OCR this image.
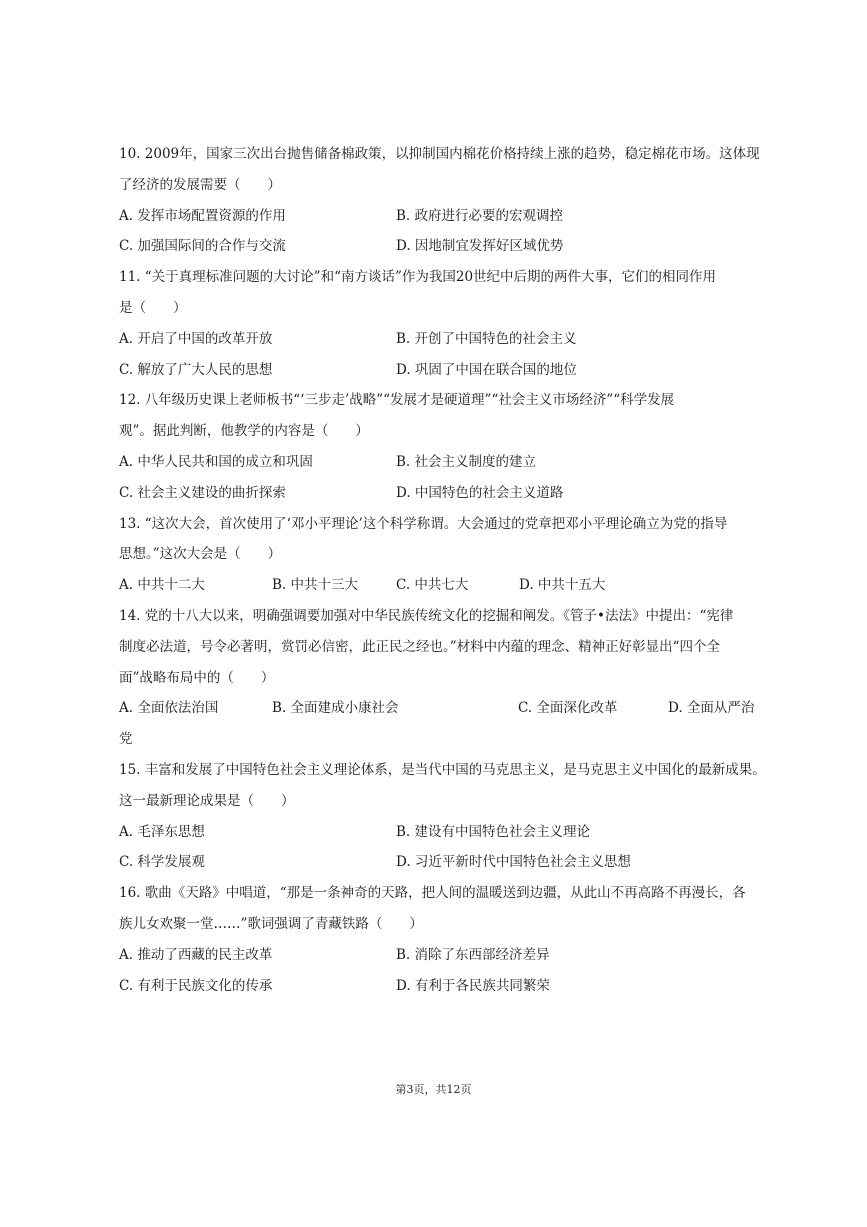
10. 2009年，国家三次出台抛售储备棉政策，以抑制国内棉花价格持续上涨的趋势，稳定棉花市场。这体现
了经济的发展需要（　　）
A. 发挥市场配置资源的作用	B. 政府进行必要的宏观调控
C. 加强国际间的合作与交流	D. 因地制宜发挥好区域优势
11. “关于真理标准问题的大讨论”和“南方谈话”作为我国20世纪中后期的两件大事，它们的相同作用
是（　　）
A. 开启了中国的改革开放	B. 开创了中国特色的社会主义
C. 解放了广大人民的思想	D. 巩固了中国在联合国的地位
12. 八年级历史课上老师板书“‘三步走’战略”“发展才是硬道理”“社会主义市场经济”“科学发展
观”。据此判断，他教学的内容是（　　）
A. 中华人民共和国的成立和巩固	B. 社会主义制度的建立
C. 社会主义建设的曲折探索	D. 中国特色的社会主义道路
13. “这次大会，首次使用了‘邓小平理论’这个科学称谓。大会通过的党章把邓小平理论确立为党的指导
思想。”这次大会是（　　）
A. 中共十二大	B. 中共十三大	C. 中共七大	D. 中共十五大
14. 党的十八大以来，明确强调要加强对中华民族传统文化的挖掘和阐发。《管子•法法》中提出：“宪律
制度必法道，号令必著明，赏罚必信密，此正民之经也。”材料中内蕴的理念、精神正好彰显出“四个全
面”战略布局中的（　　）
A. 全面依法治国	B. 全面建成小康社会	C. 全面深化改革	D. 全面从严治
党
15. 丰富和发展了中国特色社会主义理论体系，是当代中国的马克思主义，是马克思主义中国化的最新成果。
这一最新理论成果是（　　）
A. 毛泽东思想	B. 建设有中国特色社会主义理论
C. 科学发展观	D. 习近平新时代中国特色社会主义思想
16. 歌曲《天路》中唱道，“那是一条神奇的天路，把人间的温暖送到边疆，从此山不再高路不再漫长，各
族儿女欢聚一堂……”歌词强调了青藏铁路（　　）
A. 推动了西藏的民主改革	B. 消除了东西部经济差异
C. 有利于民族文化的传承	D. 有利于各民族共同繁荣
第3页，共12页
